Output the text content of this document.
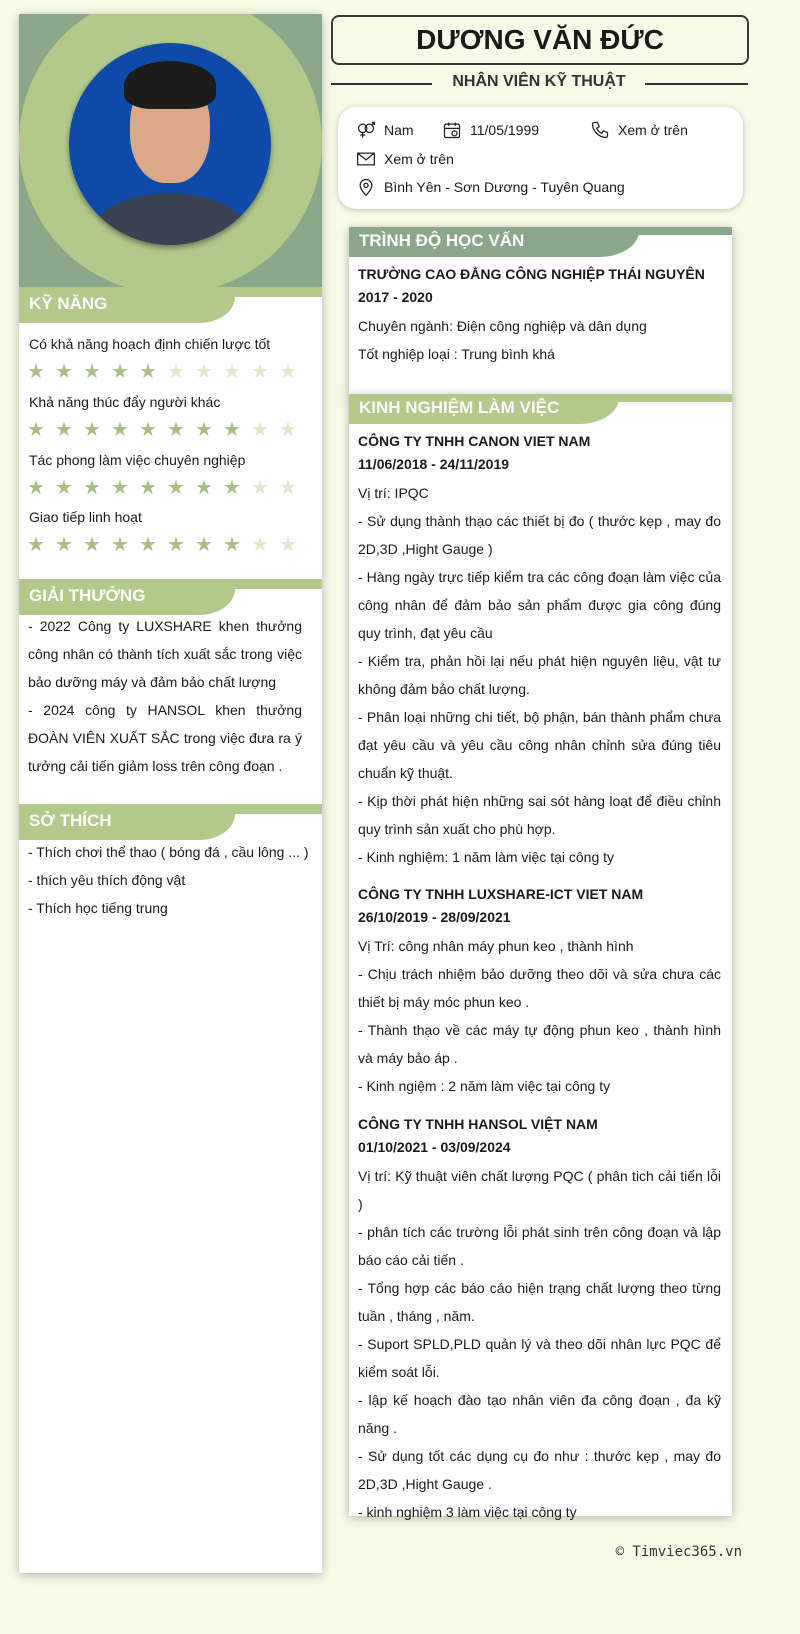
KỸ NĂNG
Có khả năng hoạch định chiến lược tốt
★ ★ ★ ★ ★ ★ ★ ★ ★ ★
Khả năng thúc đẩy người khác
★ ★ ★ ★ ★ ★ ★ ★ ★ ★
Tác phong làm việc chuyên nghiệp
★ ★ ★ ★ ★ ★ ★ ★ ★ ★
Giao tiếp linh hoạt
★ ★ ★ ★ ★ ★ ★ ★ ★ ★
GIẢI THƯỞNG

- 2022 Công ty LUXSHARE khen thưởng công nhân có thành tích xuất sắc trong việc bảo dưỡng máy và đảm bảo chất lượng

- 2024 công ty HANSOL khen thưởng ĐOÀN VIÊN XUẤT SẮC trong việc đưa ra ý tưởng cải tiến giảm loss trên công đoạn .

SỞ THÍCH

- Thích chơi thể thao ( bóng đá , cầu lông ... )

- thích yêu thích động vật

- Thích học tiếng trung

DƯƠNG VĂN ĐỨC
NHÂN VIÊN KỸ THUẬT
Nam	11/05/1999	Xem ở trên
Xem ở trên
Bình Yên - Sơn Dương - Tuyên Quang
TRÌNH ĐỘ HỌC VẤN
TRƯỜNG CAO ĐẲNG CÔNG NGHIỆP THÁI NGUYÊN
2017 - 2020
Chuyên ngành: Điện công nghiệp và dân dụng
Tốt nghiệp loại : Trung bình khá
KINH NGHIỆM LÀM VIỆC
CÔNG TY TNHH CANON VIET NAM
11/06/2018 - 24/11/2019

Vị trí: IPQC

- Sử dụng thành thạo các thiết bị đo ( thước kẹp , may đo 2D,3D ,Hight Gauge )

- Hàng ngày trực tiếp kiểm tra các công đoạn làm việc của công nhân để đảm bảo sản phẩm được gia công đúng quy trình, đạt yêu cầu

- Kiểm tra, phản hồi lại nếu phát hiện nguyên liệu, vật tư không đảm bảo chất lượng.

- Phân loại những chi tiết, bộ phận, bán thành phẩm chưa đạt yêu cầu và yêu cầu công nhân chỉnh sửa đúng tiêu chuẩn kỹ thuật.

- Kịp thời phát hiện những sai sót hàng loạt để điều chỉnh quy trình sản xuất cho phù hợp.

- Kinh nghiệm: 1 năm làm việc tại công ty

CÔNG TY TNHH LUXSHARE-ICT VIET NAM
26/10/2019 - 28/09/2021

Vị Trí: công nhân máy phun keo , thành hình

- Chịu trách nhiệm bảo dưỡng theo dõi và sửa chưa các thiết bị máy móc phun keo .

- Thành thạo về các máy tự động phun keo , thành hình và máy bảo áp .

- Kinh ngiệm : 2 năm làm việc tại công ty

CÔNG TY TNHH HANSOL VIỆT NAM
01/10/2021 - 03/09/2024

Vị trí: Kỹ thuật viên chất lượng PQC ( phân tich cải tiến lỗi )

- phân tích các trường lỗi phát sinh trên công đoạn và lập báo cáo cải tiến .

- Tổng hợp các báo cáo hiện trạng chất lượng theo từng tuần , tháng , năm.

- Suport SPLD,PLD quản lý và theo dõi nhân lực PQC để kiểm soát lỗi.

- lập kế hoạch đào tạo nhân viên đa công đoạn , đa kỹ năng .

- Sử dụng tốt các dụng cụ đo như : thước kẹp , may đo 2D,3D ,Hight Gauge .

- kinh nghiệm 3 làm việc tại công ty

© Timviec365.vn
